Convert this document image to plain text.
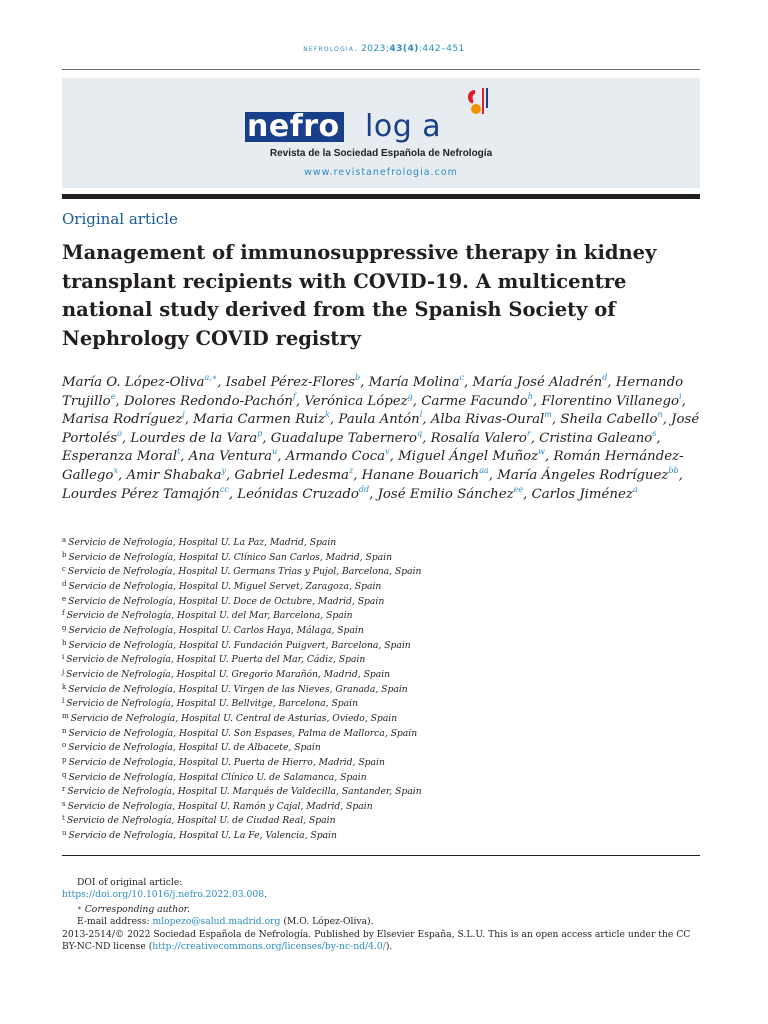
nefrologia. 2023;43(4):442–451
nefro log a
Revista de la Sociedad Española de Nefrología
www.revistanefrologia.com
Original article
Management of immunosuppressive therapy in kidney transplant recipients with COVID-19. A multicentre national study derived from the Spanish Society of Nephrology COVID registry
María O. López-Oliva$^{a,∗}$, Isabel Pérez-Flores$^b$, María Molina$^c$, María José Aladrén$^d$, Hernando Trujillo$^e$, Dolores Redondo-Pachón$^f$, Verónica López$^g$, Carme Facundo$^h$, Florentino Villanego$^i$, Marisa Rodríguez$^j$, Maria Carmen Ruiz$^k$, Paula Antón$^l$, Alba Rivas-Oural$^m$, Sheila Cabello$^n$, José Portolés$^o$, Lourdes de la Vara$^p$, Guadalupe Tabernero$^q$, Rosalía Valero$^r$, Cristina Galeano$^s$, Esperanza Moral$^t$, Ana Ventura$^u$, Armando Coca$^v$, Miguel Ángel Muñoz$^w$, Román Hernández-Gallego$^x$, Amir Shabaka$^y$, Gabriel Ledesma$^z$, Hanane Bouarich$^{aa}$, María Ángeles Rodríguez$^{bb}$, Lourdes Pérez Tamajón$^{cc}$, Leónidas Cruzado$^{dd}$, José Emilio Sánchez$^{ee}$, Carlos Jiménez$^a$
$^a$ Servicio de Nefrología, Hospital U. La Paz, Madrid, Spain
$^b$ Servicio de Nefrología, Hospital U. Clínico San Carlos, Madrid, Spain
$^c$ Servicio de Nefrología, Hospital U. Germans Trias y Pujol, Barcelona, Spain
$^d$ Servicio de Nefrología, Hospital U. Miguel Servet, Zaragoza, Spain
$^e$ Servicio de Nefrología, Hospital U. Doce de Octubre, Madrid, Spain
$^f$ Servicio de Nefrología, Hospital U. del Mar, Barcelona, Spain
$^g$ Servicio de Nefrología, Hospital U. Carlos Haya, Málaga, Spain
$^h$ Servicio de Nefrología, Hospital U. Fundación Puigvert, Barcelona, Spain
$^i$ Servicio de Nefrología, Hospital U. Puerta del Mar, Cádiz, Spain
$^j$ Servicio de Nefrología, Hospital U. Gregorio Marañón, Madrid, Spain
$^k$ Servicio de Nefrología, Hospital U. Virgen de las Nieves, Granada, Spain
$^l$ Servicio de Nefrología, Hospital U. Bellvitge, Barcelona, Spain
$^m$ Servicio de Nefrología, Hospital U. Central de Asturias, Oviedo, Spain
$^n$ Servicio de Nefrología, Hospital U. Son Espases, Palma de Mallorca, Spain
$^o$ Servicio de Nefrología, Hospital U. de Albacete, Spain
$^p$ Servicio de Nefrología, Hospital U. Puerta de Hierro, Madrid, Spain
$^q$ Servicio de Nefrología, Hospital Clínico U. de Salamanca, Spain
$^r$ Servicio de Nefrología, Hospital U. Marqués de Valdecilla, Santander, Spain
$^s$ Servicio de Nefrología, Hospital U. Ramón y Cajal, Madrid, Spain
$^t$ Servicio de Nefrología, Hospital U. de Ciudad Real, Spain
$^u$ Servicio de Nefrología, Hospital U. La Fe, Valencia, Spain
DOI of original article:
https://doi.org/10.1016/j.nefro.2022.03.008.
∗ Corresponding author.
E-mail address: mlopezo@salud.madrid.org (M.O. López-Oliva).
2013-2514/© 2022 Sociedad Española de Nefrología. Published by Elsevier España, S.L.U. This is an open access article under the CC BY-NC-ND license (http://creativecommons.org/licenses/by-nc-nd/4.0/).
